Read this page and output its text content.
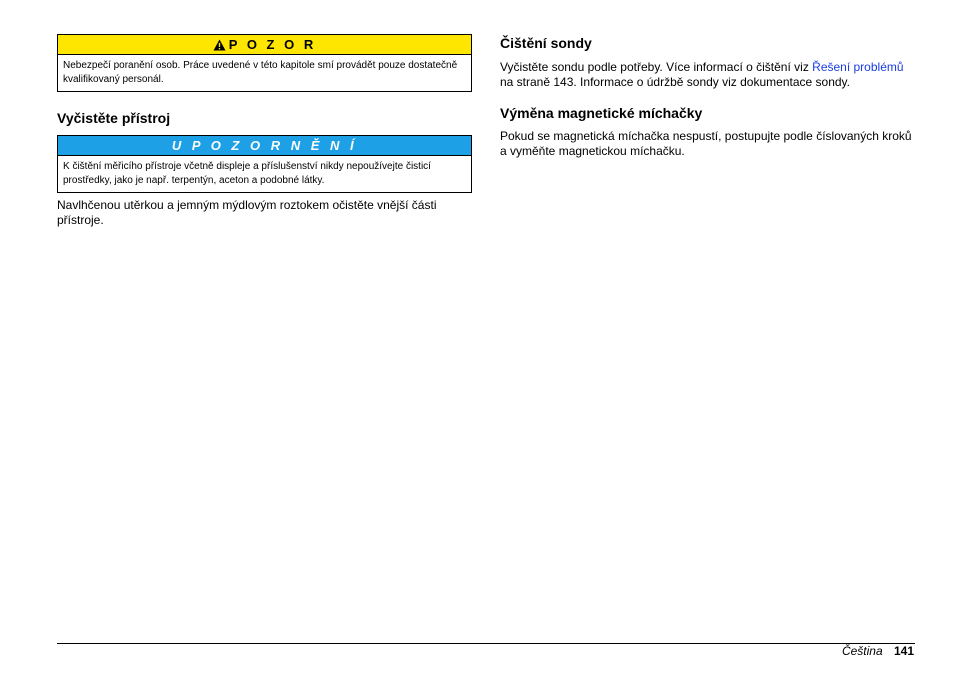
P O Z O R
Nebezpečí poranění osob. Práce uvedené v této kapitole smí provádět pouze dostatečně kvalifikovaný personál.
Vyčistěte přístroj
U P O Z O R N Ě N Í
K čištění měřicího přístroje včetně displeje a příslušenství nikdy nepoužívejte čisticí prostředky, jako je např. terpentýn, aceton a podobné látky.

Navlhčenou utěrkou a jemným mýdlovým roztokem očistěte vnější části přístroje.

Čištění sondy

Vyčistěte sondu podle potřeby. Více informací o čištění viz Řešení problémů na straně 143. Informace o údržbě sondy viz dokumentace sondy.

Výměna magnetické míchačky

Pokud se magnetická míchačka nespustí, postupujte podle číslovaných kroků a vyměňte magnetickou míchačku.

Čeština 141
